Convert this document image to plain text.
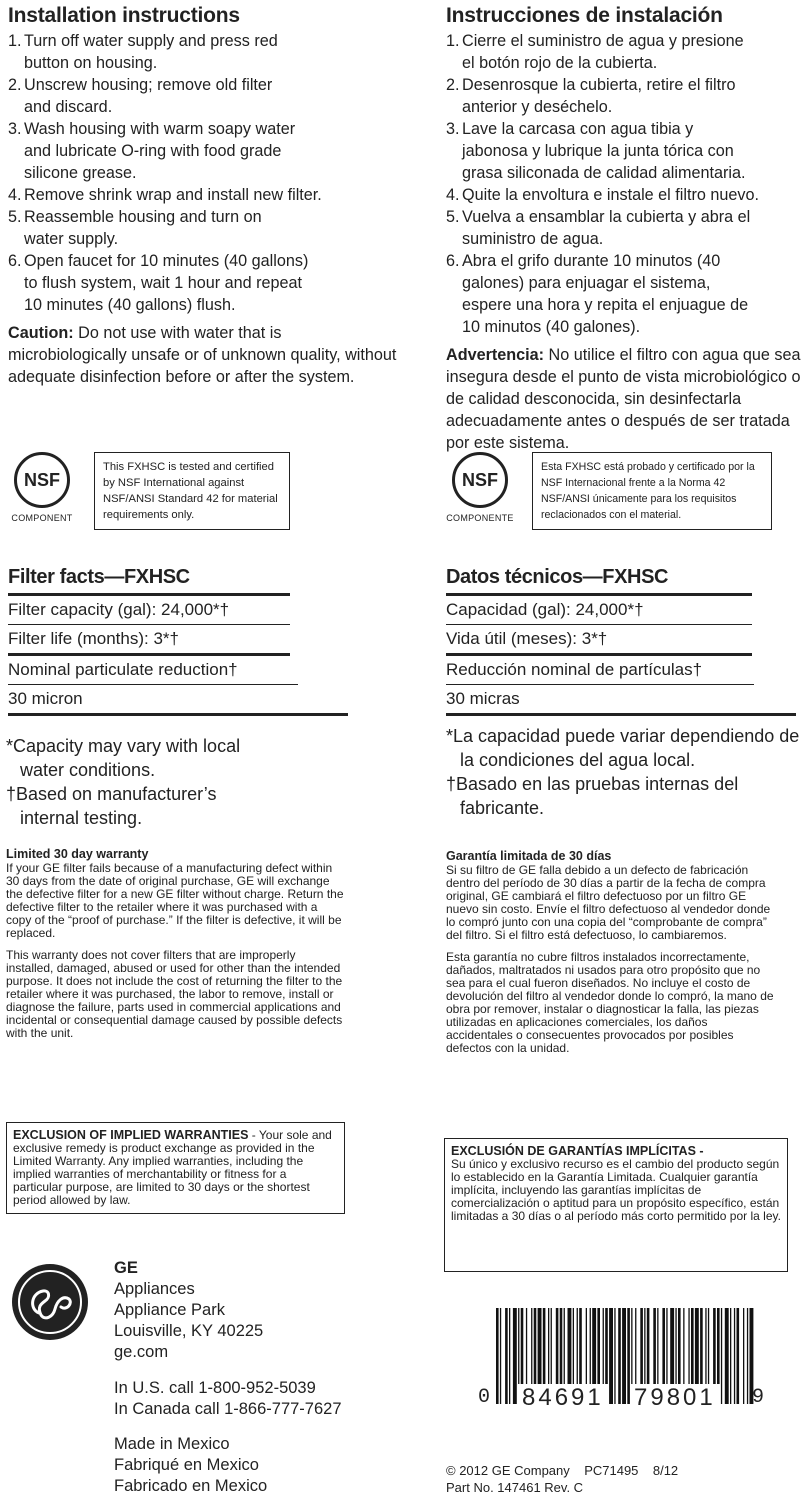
Installation instructions
1. Turn off water supply and press red
button on housing.
2. Unscrew housing; remove old filter
and discard.
3. Wash housing with warm soapy water
and lubricate O-ring with food grade
silicone grease.
4. Remove shrink wrap and install new filter.
5. Reassemble housing and turn on
water supply.
6. Open faucet for 10 minutes (40 gallons)
to flush system, wait 1 hour and repeat
10 minutes (40 gallons) flush.
Caution: Do not use with water that is microbiologically unsafe or of unknown quality, without adequate disinfection before or after the system.
NSF
COMPONENT
This FXHSC is tested and certified by NSF International against NSF/ANSI Standard 42 for material requirements only.
Filter facts—FXHSC
Filter capacity (gal): 24,000*†
Filter life (months): 3*†
Nominal particulate reduction†
30 micron
*Capacity may vary with local water conditions.
†Based on manufacturer’s internal testing.
Limited 30 day warranty

If your GE filter fails because of a manufacturing defect within 30 days from the date of original purchase, GE will exchange the defective filter for a new GE filter without charge. Return the defective filter to the retailer where it was purchased with a copy of the “proof of purchase.” If the filter is defective, it will be replaced.

This warranty does not cover filters that are improperly installed, damaged, abused or used for other than the intended purpose. It does not include the cost of returning the filter to the retailer where it was purchased, the labor to remove, install or diagnose the failure, parts used in commercial applications and incidental or consequential damage caused by possible defects with the unit.

EXCLUSION OF IMPLIED WARRANTIES - Your sole and exclusive remedy is product exchange as provided in the Limited Warranty. Any implied warranties, including the implied warranties of merchantability or fitness for a particular purpose, are limited to 30 days or the shortest period allowed by law.
GE
Appliances
Appliance Park
Louisville, KY 40225
ge.com
In U.S. call 1-800-952-5039
In Canada call 1-866-777-7627
Made in Mexico
Fabriqué en Mexico
Fabricado en Mexico
Instrucciones de instalación
1. Cierre el suministro de agua y presione
el botón rojo de la cubierta.
2. Desenrosque la cubierta, retire el filtro
anterior y deséchelo.
3. Lave la carcasa con agua tibia y
jabonosa y lubrique la junta tórica con
grasa siliconada de calidad alimentaria.
4. Quite la envoltura e instale el filtro nuevo.
5. Vuelva a ensamblar la cubierta y abra el
suministro de agua.
6. Abra el grifo durante 10 minutos (40
galones) para enjuagar el sistema,
espere una hora y repita el enjuague de
10 minutos (40 galones).
Advertencia: No utilice el filtro con agua que sea insegura desde el punto de vista microbiológico o de calidad desconocida, sin desinfectarla adecuadamente antes o después de ser tratada por este sistema.
NSF
COMPONENTE
Esta FXHSC está probado y certificado por la NSF Internacional frente a la Norma 42 NSF/ANSI únicamente para los requisitos reclacionados con el material.
Datos técnicos—FXHSC
Capacidad (gal): 24,000*†
Vida útil (meses): 3*†
Reducción nominal de partículas†
30 micras
*La capacidad puede variar dependiendo de la condiciones del agua local.
†Basado en las pruebas internas del fabricante.
Garantía limitada de 30 días

Si su filtro de GE falla debido a un defecto de fabricación dentro del período de 30 días a partir de la fecha de compra original, GE cambiará el filtro defectuoso por un filtro GE nuevo sin costo. Envíe el filtro defectuoso al vendedor donde lo compró junto con una copia del “comprobante de compra” del filtro. Si el filtro está defectuoso, lo cambiaremos.

Esta garantía no cubre filtros instalados incorrectamente, dañados, maltratados ni usados para otro propósito que no sea para el cual fueron diseñados. No incluye el costo de devolución del filtro al vendedor donde lo compró, la mano de obra por remover, instalar o diagnosticar la falla, las piezas utilizadas en aplicaciones comerciales, los daños accidentales o consecuentes provocados por posibles defectos con la unidad.

EXCLUSIÓN DE GARANTÍAS IMPLÍCITAS -
Su único y exclusivo recurso es el cambio del producto según lo establecido en la Garantía Limitada. Cualquier garantía implícita, incluyendo las garantías implícitas de comercialización o aptitud para un propósito específico, están limitadas a 30 días o al período más corto permitido por la ley.
0 84691 79801 9
© 2012 GE Company    PC71495    8/12
Part No. 147461 Rev. C
